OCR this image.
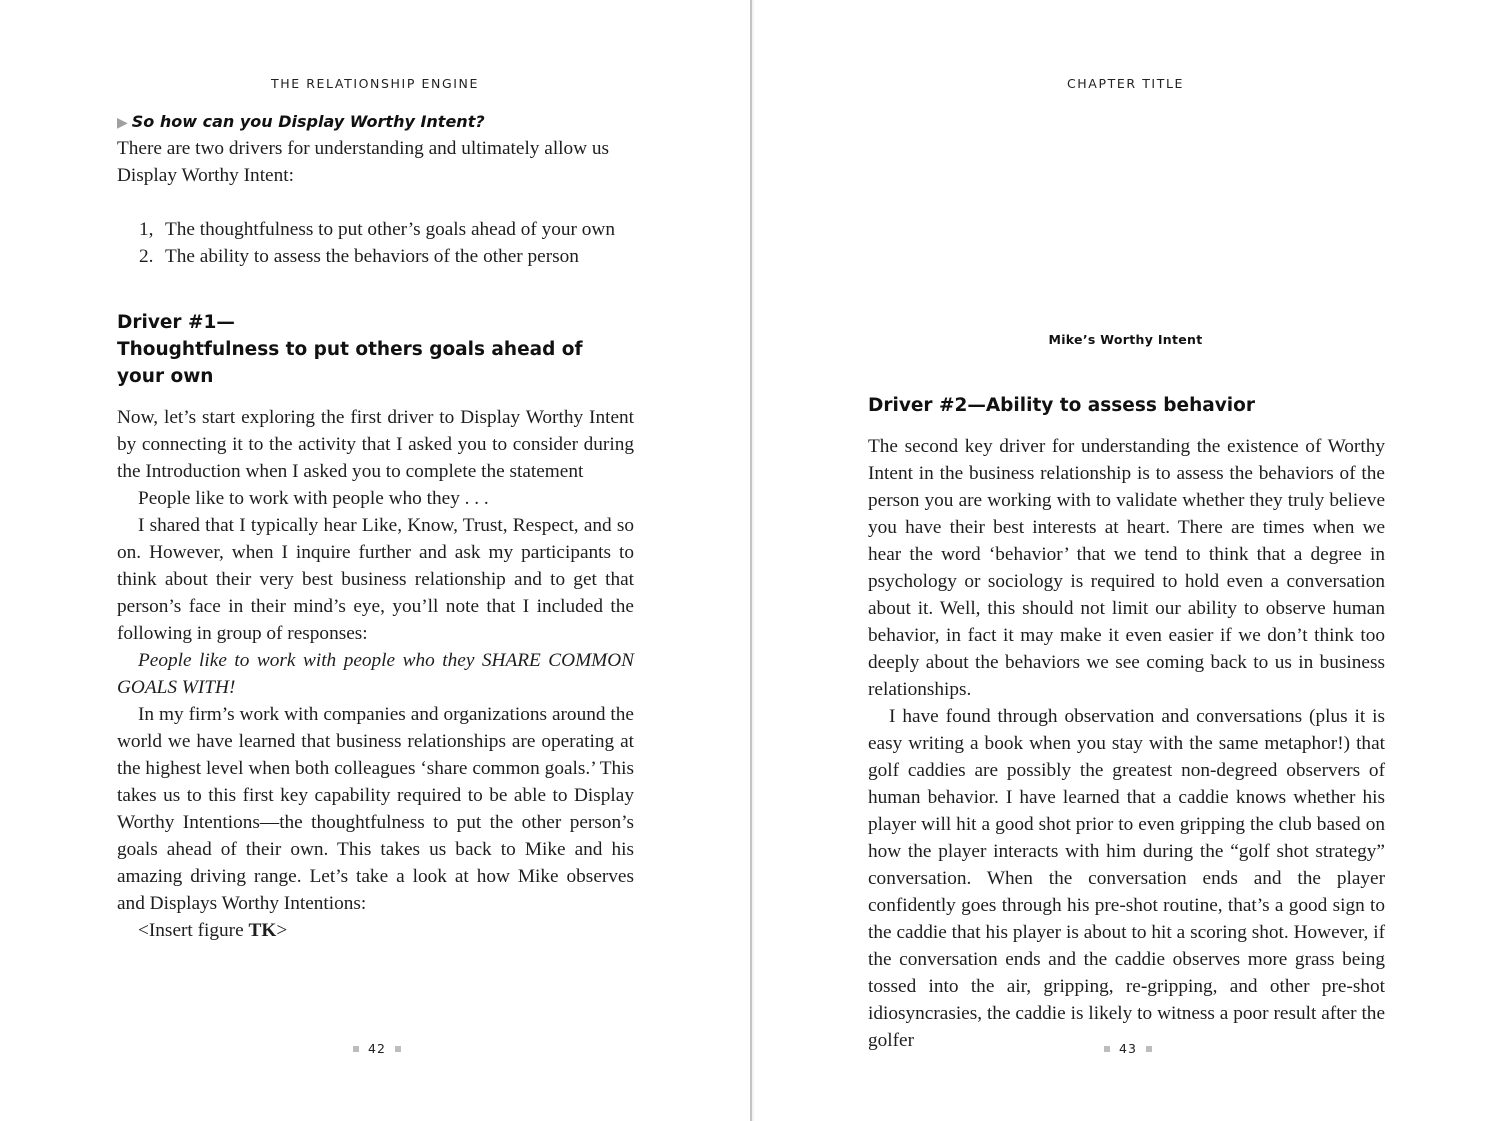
THE RELATIONSHIP ENGINE

▶ So how can you Display Worthy Intent?

There are two drivers for understanding and ultimately allow us Display Worthy Intent:

1, The thoughtfulness to put other’s goals ahead of your own
2. The ability to assess the behaviors of the other person

Driver #1—

Thoughtfulness to put others goals ahead of your own

Now, let’s start exploring the first driver to Display Worthy Intent by connecting it to the activity that I asked you to consider during the Introduction when I asked you to complete the statement

People like to work with people who they . . .

I shared that I typically hear Like, Know, Trust, Respect, and so on. However, when I inquire further and ask my participants to think about their very best business relationship and to get that person’s face in their mind’s eye, you’ll note that I included the following in group of responses:

People like to work with people who they SHARE COMMON GOALS WITH!

In my firm’s work with companies and organizations around the world we have learned that business relationships are operating at the highest level when both colleagues ‘share common goals.’ This takes us to this first key capability required to be able to Display Worthy Intentions—the thoughtfulness to put the other person’s goals ahead of their own. This takes us back to Mike and his amazing driving range. Let’s take a look at how Mike observes and Displays Worthy Intentions:

<Insert figure TK>

42
CHAPTER TITLE
Mike’s Worthy Intent

Driver #2—Ability to assess behavior

The second key driver for understanding the existence of Worthy Intent in the business relationship is to assess the behaviors of the person you are working with to validate whether they truly believe you have their best interests at heart. There are times when we hear the word ‘behavior’ that we tend to think that a degree in psychology or sociology is required to hold even a conversation about it. Well, this should not limit our ability to observe human behavior, in fact it may make it even easier if we don’t think too deeply about the behaviors we see coming back to us in business relationships.

I have found through observation and conversations (plus it is easy writing a book when you stay with the same metaphor!) that golf caddies are possibly the greatest non-degreed observers of human behavior. I have learned that a caddie knows whether his player will hit a good shot prior to even gripping the club based on how the player interacts with him during the “golf shot strategy” conversation. When the conversation ends and the player confidently goes through his pre-shot routine, that’s a good sign to the caddie that his player is about to hit a scoring shot. However, if the conversation ends and the caddie observes more grass being tossed into the air, gripping, re-gripping, and other pre-shot idiosyncrasies, the caddie is likely to witness a poor result after the golfer	43
